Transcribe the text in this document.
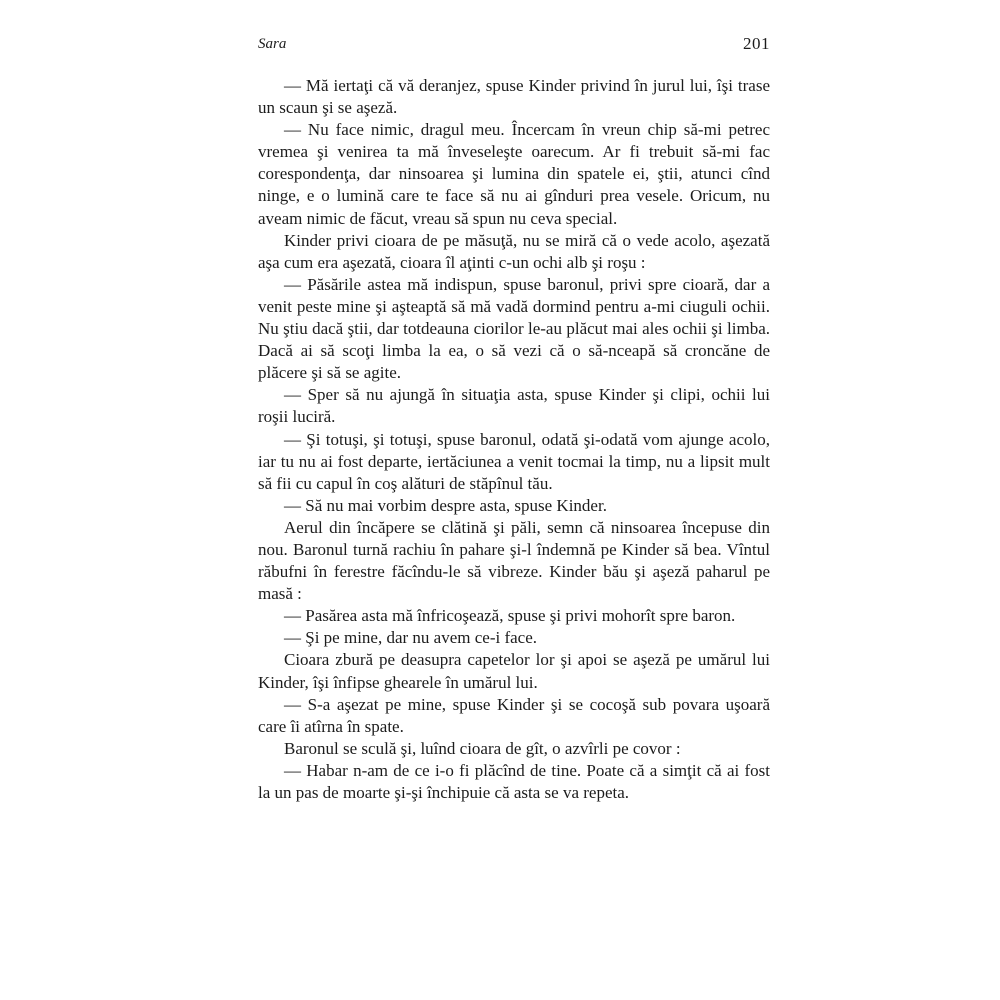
Sara	201

— Mă iertaţi că vă deranjez, spuse Kinder privind în jurul lui, îşi trase un scaun şi se aşeză.

— Nu face nimic, dragul meu. Încercam în vreun chip să-mi petrec vremea şi venirea ta mă înveseleşte oarecum. Ar fi trebuit să-mi fac corespondenţa, dar ninsoarea şi lumina din spatele ei, ştii, atunci cînd ninge, e o lumină care te face să nu ai gînduri prea vesele. Oricum, nu aveam nimic de făcut, vreau să spun nu ceva special.

Kinder privi cioara de pe măsuţă, nu se miră că o vede acolo, aşezată aşa cum era aşezată, cioara îl aţinti c-un ochi alb şi roşu :

— Păsările astea mă indispun, spuse baronul, privi spre cioară, dar a venit peste mine şi aşteaptă să mă vadă dormind pentru a-mi ciuguli ochii. Nu ştiu dacă ştii, dar totdeauna ciorilor le-au plăcut mai ales ochii şi limba. Dacă ai să scoţi limba la ea, o să vezi că o să-nceapă să croncăne de plăcere şi să se agite.

— Sper să nu ajungă în situaţia asta, spuse Kinder şi clipi, ochii lui roşii luciră.

— Şi totuşi, şi totuşi, spuse baronul, odată şi-odată vom ajunge acolo, iar tu nu ai fost departe, iertăciunea a venit tocmai la timp, nu a lipsit mult să fii cu capul în coş alături de stăpînul tău.

— Să nu mai vorbim despre asta, spuse Kinder.

Aerul din încăpere se clătină şi păli, semn că ninsoarea începuse din nou. Baronul turnă rachiu în pahare şi-l îndemnă pe Kinder să bea. Vîntul răbufni în ferestre făcîndu-le să vibreze. Kinder bău şi aşeză paharul pe masă :

— Pasărea asta mă înfricoşează, spuse şi privi mohorît spre baron.

— Şi pe mine, dar nu avem ce-i face.

Cioara zbură pe deasupra capetelor lor şi apoi se aşeză pe umărul lui Kinder, îşi înfipse ghearele în umărul lui.

— S-a aşezat pe mine, spuse Kinder şi se cocoşă sub povara uşoară care îi atîrna în spate.

Baronul se sculă şi, luînd cioara de gît, o azvîrli pe covor :

— Habar n-am de ce i-o fi plăcînd de tine. Poate că a simţit că ai fost la un pas de moarte şi-şi închipuie că asta se va repeta.
